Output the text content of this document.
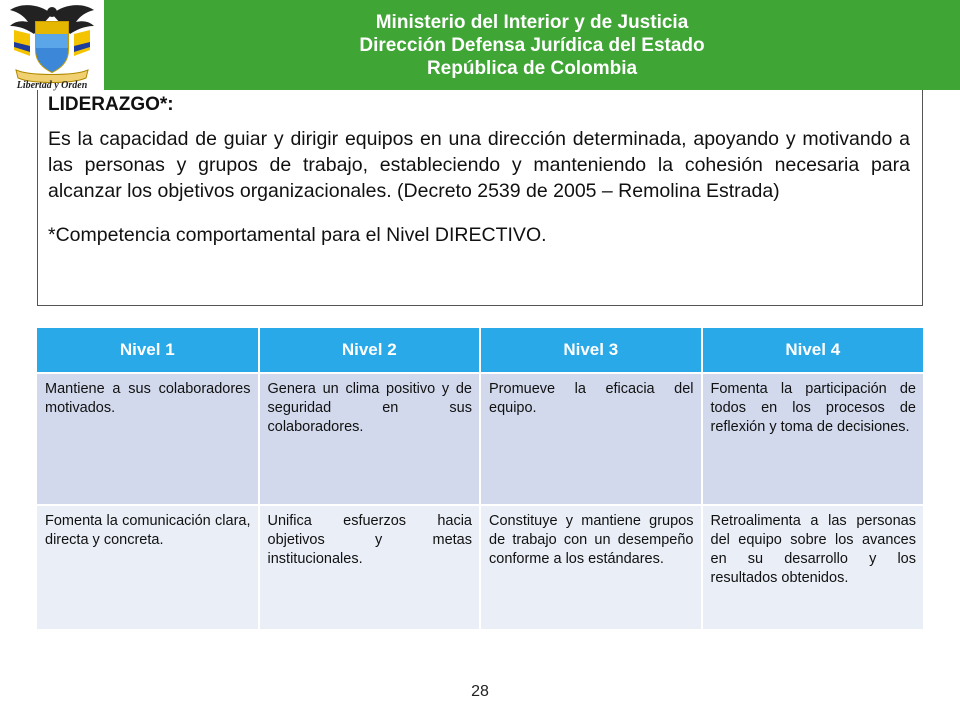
Libertad y Orden
Ministerio del Interior y de Justicia
Dirección Defensa Jurídica del Estado
República de Colombia
LIDERAZGO*:
Es la capacidad de guiar y dirigir equipos en una dirección determinada, apoyando y motivando a las personas y grupos de trabajo, estableciendo y manteniendo la cohesión necesaria para alcanzar los objetivos organizacionales. (Decreto 2539 de 2005 – Remolina Estrada)
*Competencia comportamental para el Nivel DIRECTIVO.
Nivel 1	Nivel 2	Nivel 3	Nivel 4
Mantiene a sus colaboradores motivados.	Genera un clima positivo y de seguridad en sus colaboradores.	Promueve la eficacia del equipo.	Fomenta la participación de todos en los procesos de reflexión y toma de decisiones.
Fomenta la comunicación clara, directa y concreta.	Unifica esfuerzos hacia objetivos y metas institucionales.	Constituye y mantiene grupos de trabajo con un desempeño conforme a los estándares.	Retroalimenta a las personas del equipo sobre los avances en su desarrollo y los resultados obtenidos.
28
